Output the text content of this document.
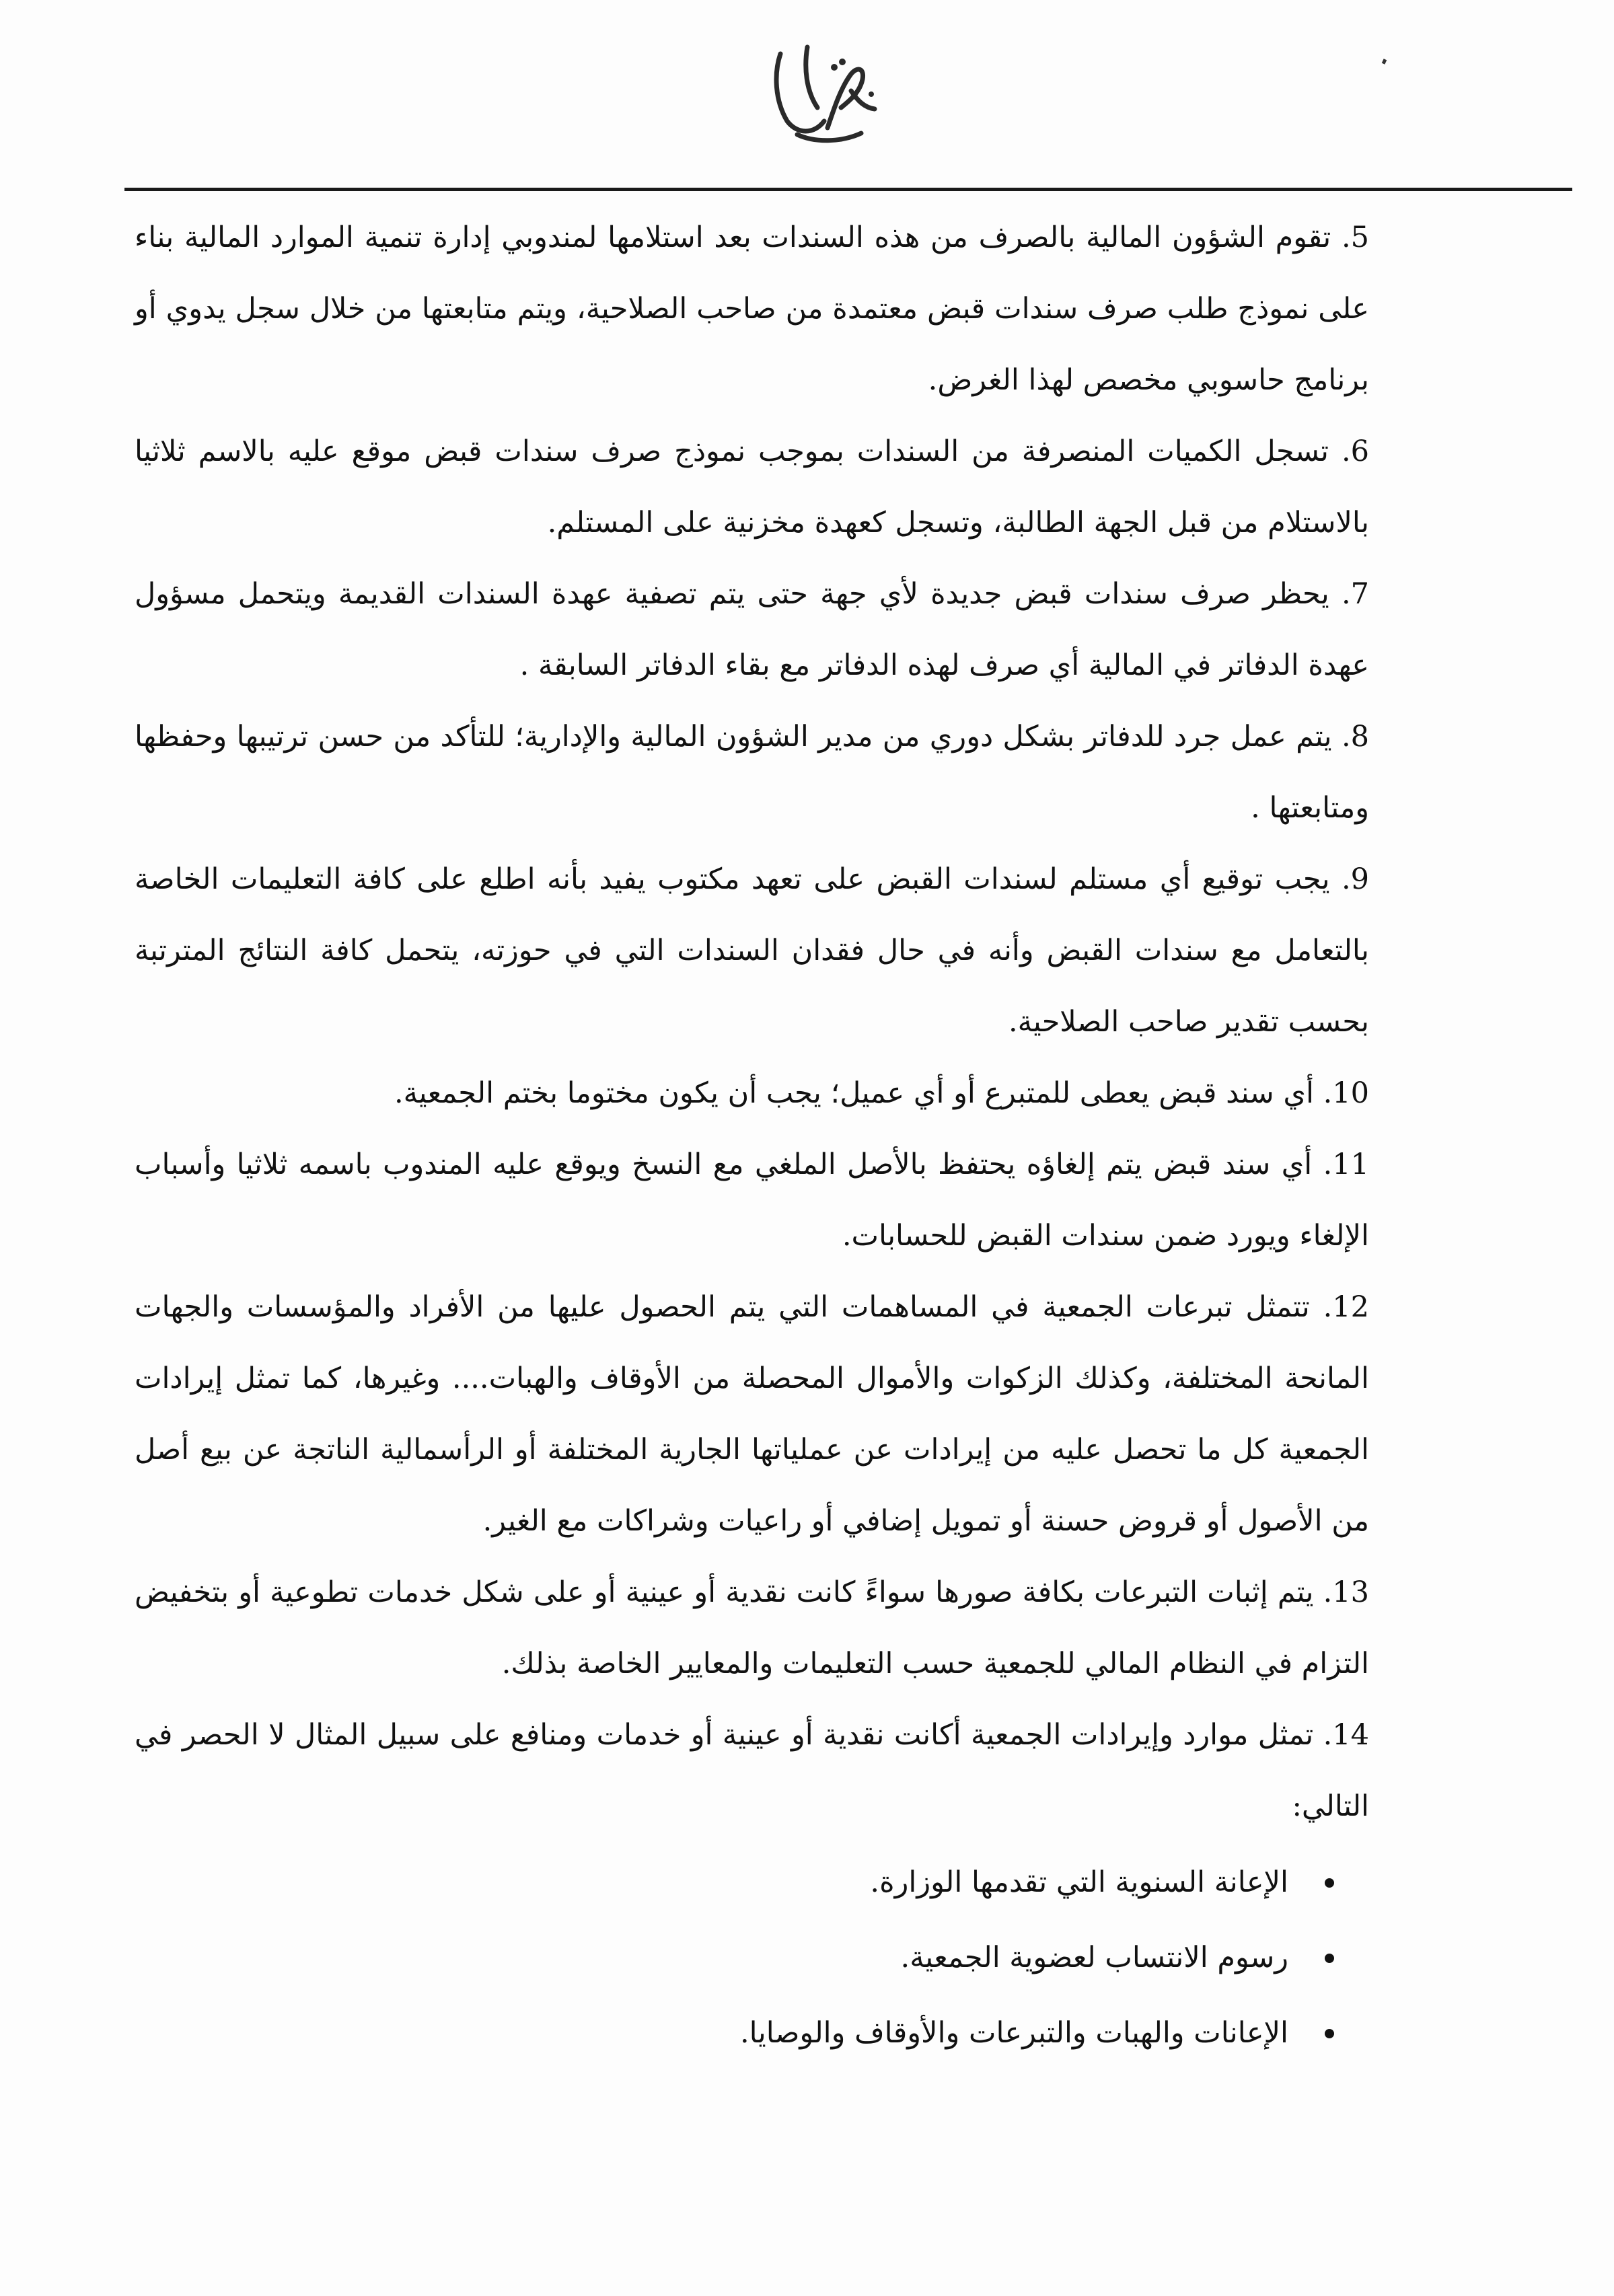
5. تقوم الشؤون المالية بالصرف من هذه السندات بعد استلامها لمندوبي إدارة تنمية الموارد المالية بناء على نموذج طلب صرف سندات قبض معتمدة من صاحب الصلاحية، ويتم متابعتها من خلال سجل يدوي أو برنامج حاسوبي مخصص لهذا الغرض.

6. تسجل الكميات المنصرفة من السندات بموجب نموذج صرف سندات قبض موقع عليه بالاسم ثلاثيا بالاستلام من قبل الجهة الطالبة، وتسجل كعهدة مخزنية على المستلم.

7. يحظر صرف سندات قبض جديدة لأي جهة حتى يتم تصفية عهدة السندات القديمة ويتحمل مسؤول عهدة الدفاتر في المالية أي صرف لهذه الدفاتر مع بقاء الدفاتر السابقة .

8. يتم عمل جرد للدفاتر بشكل دوري من مدير الشؤون المالية والإدارية؛ للتأكد من حسن ترتيبها وحفظها ومتابعتها .

9. يجب توقيع أي مستلم لسندات القبض على تعهد مكتوب يفيد بأنه اطلع على كافة التعليمات الخاصة بالتعامل مع سندات القبض وأنه في حال فقدان السندات التي في حوزته، يتحمل كافة النتائج المترتبة بحسب تقدير صاحب الصلاحية.

10. أي سند قبض يعطى للمتبرع أو أي عميل؛ يجب أن يكون مختوما بختم الجمعية.

11. أي سند قبض يتم إلغاؤه يحتفظ بالأصل الملغي مع النسخ ويوقع عليه المندوب باسمه ثلاثيا وأسباب الإلغاء ويورد ضمن سندات القبض للحسابات.

12. تتمثل تبرعات الجمعية في المساهمات التي يتم الحصول عليها من الأفراد والمؤسسات والجهات المانحة المختلفة، وكذلك الزكوات والأموال المحصلة من الأوقاف والهبات.... وغيرها، كما تمثل إيرادات الجمعية كل ما تحصل عليه من إيرادات عن عملياتها الجارية المختلفة أو الرأسمالية الناتجة عن بيع أصل من الأصول أو قروض حسنة أو تمويل إضافي أو راعيات وشراكات مع الغير.

13. يتم إثبات التبرعات بكافة صورها سواءً كانت نقدية أو عينية أو على شكل خدمات تطوعية أو بتخفيض التزام في النظام المالي للجمعية حسب التعليمات والمعايير الخاصة بذلك.

14. تمثل موارد وإيرادات الجمعية أكانت نقدية أو عينية أو خدمات ومنافع على سبيل المثال لا الحصر في التالي:

الإعانة السنوية التي تقدمها الوزارة.
رسوم الانتساب لعضوية الجمعية.
الإعانات والهبات والتبرعات والأوقاف والوصايا.
